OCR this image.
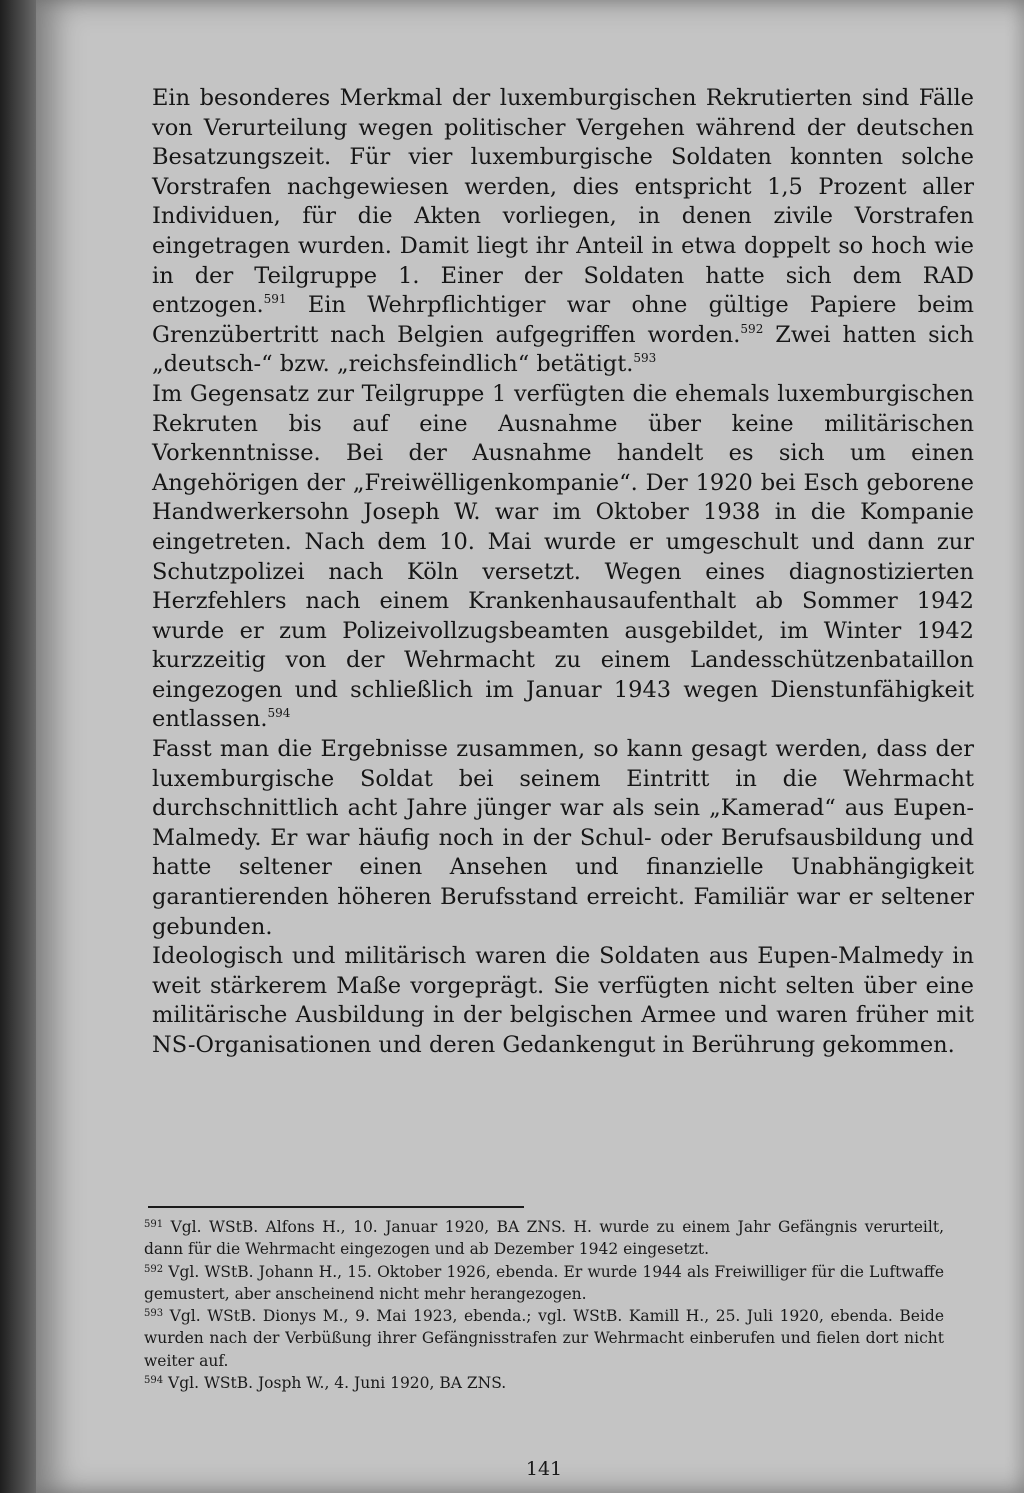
Ein besonderes Merkmal der luxemburgischen Rekrutierten sind Fälle von Verurteilung wegen politischer Vergehen während der deutschen Besatzungszeit. Für vier luxemburgische Soldaten konnten solche Vorstrafen nachgewiesen werden, dies entspricht 1,5 Prozent aller Individuen, für die Akten vorliegen, in denen zivile Vorstrafen eingetragen wurden. Damit liegt ihr Anteil in etwa doppelt so hoch wie in der Teilgruppe 1. Einer der Soldaten hatte sich dem RAD entzogen.$^{591}$ Ein Wehrpflichtiger war ohne gültige Papiere beim Grenzübertritt nach Belgien aufgegriffen worden.$^{592}$ Zwei hatten sich „deutsch-“ bzw. „reichsfeindlich“ betätigt.$^{593}$

Im Gegensatz zur Teilgruppe 1 verfügten die ehemals luxemburgischen Rekruten bis auf eine Ausnahme über keine militärischen Vorkenntnisse. Bei der Ausnahme handelt es sich um einen Angehörigen der „Freiwëlligenkompanie“. Der 1920 bei Esch geborene Handwerkersohn Joseph W. war im Oktober 1938 in die Kompanie eingetreten. Nach dem 10. Mai wurde er umgeschult und dann zur Schutzpolizei nach Köln versetzt. Wegen eines diagnostizierten Herzfehlers nach einem Krankenhausaufenthalt ab Sommer 1942 wurde er zum Polizeivollzugsbeamten ausgebildet, im Winter 1942 kurzzeitig von der Wehrmacht zu einem Landesschützenbataillon eingezogen und schließlich im Januar 1943 wegen Dienstunfähigkeit entlassen.$^{594}$

Fasst man die Ergebnisse zusammen, so kann gesagt werden, dass der luxemburgische Soldat bei seinem Eintritt in die Wehrmacht durchschnittlich acht Jahre jünger war als sein „Kamerad“ aus Eupen-Malmedy. Er war häufig noch in der Schul- oder Berufsausbildung und hatte seltener einen Ansehen und finanzielle Unabhängigkeit garantierenden höheren Berufsstand erreicht. Familiär war er seltener gebunden.

Ideologisch und militärisch waren die Soldaten aus Eupen-Malmedy in weit stärkerem Maße vorgeprägt. Sie verfügten nicht selten über eine militärische Ausbildung in der belgischen Armee und waren früher mit NS-Organisationen und deren Gedankengut in Berührung gekommen.

$^{591}$ Vgl. WStB. Alfons H., 10. Januar 1920, BA ZNS. H. wurde zu einem Jahr Gefängnis verurteilt, dann für die Wehrmacht eingezogen und ab Dezember 1942 eingesetzt.

$^{592}$ Vgl. WStB. Johann H., 15. Oktober 1926, ebenda. Er wurde 1944 als Freiwilliger für die Luftwaffe gemustert, aber anscheinend nicht mehr herangezogen.

$^{593}$ Vgl. WStB. Dionys M., 9. Mai 1923, ebenda.; vgl. WStB. Kamill H., 25. Juli 1920, ebenda. Beide wurden nach der Verbüßung ihrer Gefängnisstrafen zur Wehrmacht einberufen und fielen dort nicht weiter auf.

$^{594}$ Vgl. WStB. Josph W., 4. Juni 1920, BA ZNS.

141
